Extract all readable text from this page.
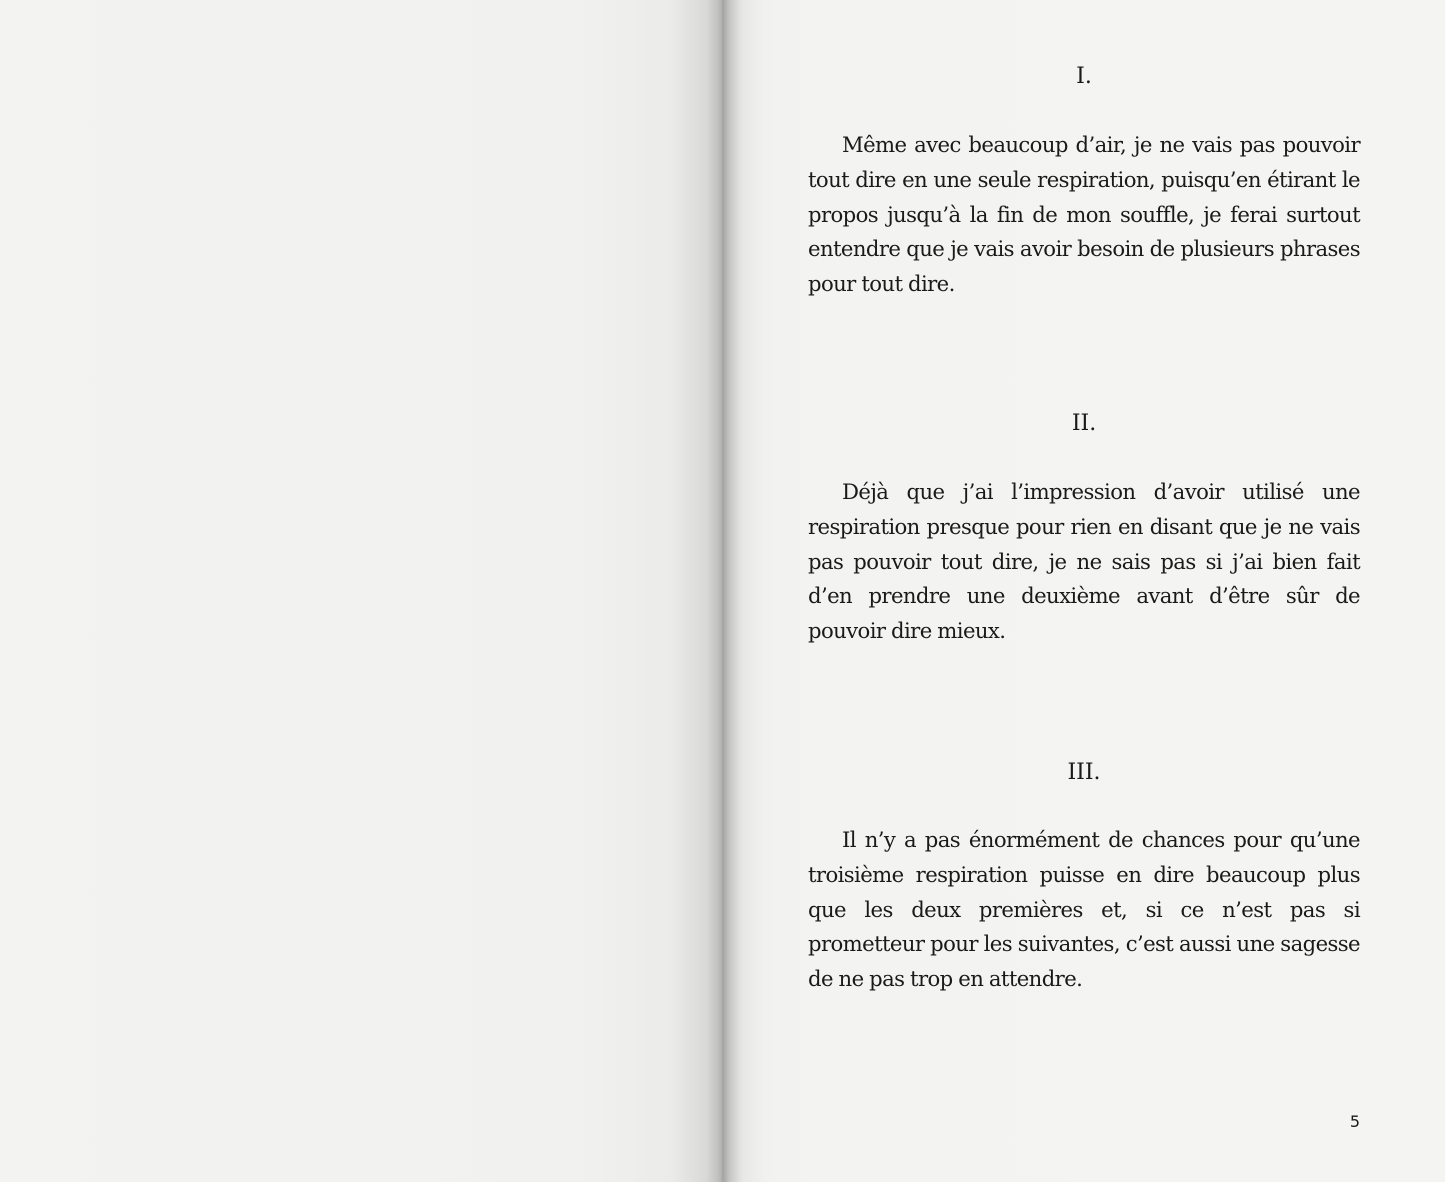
I.

Même avec beaucoup d’air, je ne vais pas pouvoir tout dire en une seule respiration, puisqu’en étirant le propos jusqu’à la fin de mon souffle, je ferai surtout entendre que je vais avoir besoin de plusieurs phrases pour tout dire.

II.

Déjà que j’ai l’impression d’avoir utilisé une respiration presque pour rien en disant que je ne vais pas pouvoir tout dire, je ne sais pas si j’ai bien fait d’en prendre une deuxième avant d’être sûr de pouvoir dire mieux.

III.

Il n’y a pas énormément de chances pour qu’une troisième respiration puisse en dire beaucoup plus que les deux premières et, si ce n’est pas si prometteur pour les suivantes, c’est aussi une sagesse de ne pas trop en attendre.

5
